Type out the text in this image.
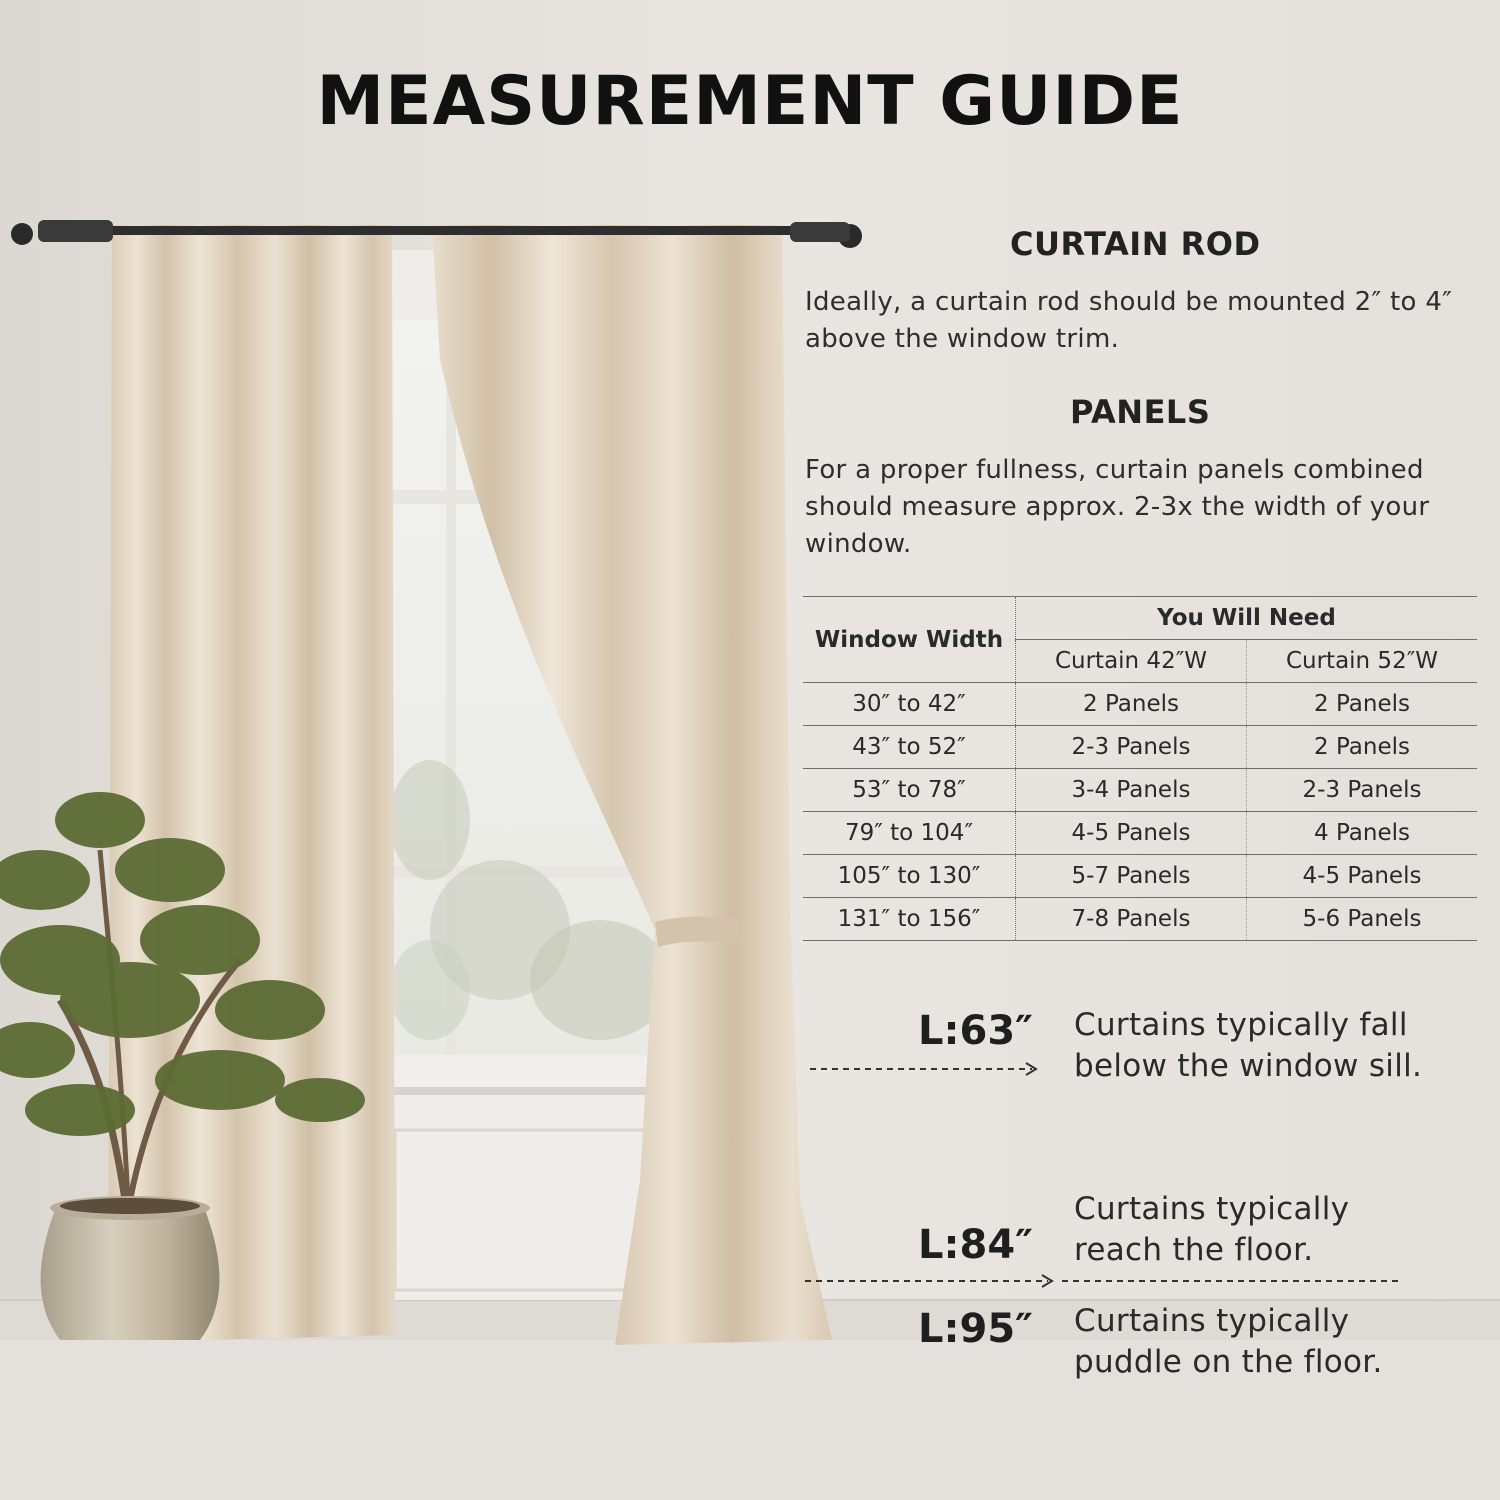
MEASUREMENT GUIDE
CURTAIN ROD
Ideally, a curtain rod should be mounted 2″ to 4″
above the window trim.
PANELS
For a proper fullness, curtain panels combined
should measure approx. 2-3x the width of your
window.
Window Width	You Will Need	
	Curtain 42″W	Curtain 52″W
30″ to 42″	2 Panels	2 Panels
43″ to 52″	2-3 Panels	2 Panels
53″ to 78″	3-4 Panels	2-3 Panels
79″ to 104″	4-5 Panels	4 Panels
105″ to 130″	5-7 Panels	4-5 Panels
131″ to 156″	7-8 Panels	5-6 Panels
L:63″ Curtains typically fall
below the window sill.
L:84″
Curtains typically
reach the floor.
L:95″ Curtains typically
puddle on the floor.
